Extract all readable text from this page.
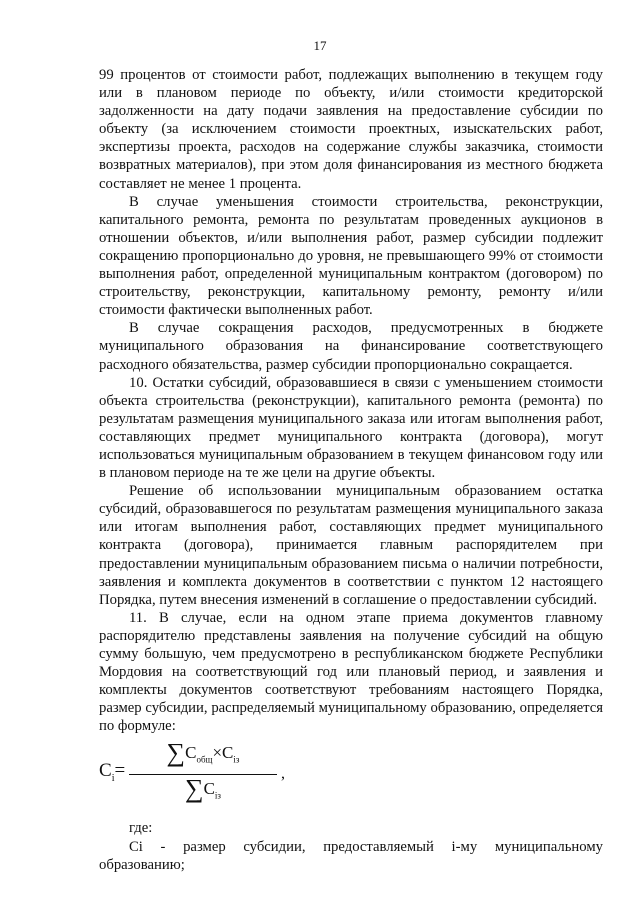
17

99 процентов от стоимости работ, подлежащих выполнению в текущем году или в плановом периоде по объекту, и/или стоимости кредиторской задолженности на дату подачи заявления на предоставление субсидии по объекту (за исключением стоимости проектных, изыскательских работ, экспертизы проекта, расходов на содержание службы заказчика, стоимости возвратных материалов), при этом доля финансирования из местного бюджета составляет не менее 1 процента.

В случае уменьшения стоимости строительства, реконструкции, капитального ремонта, ремонта по результатам проведенных аукционов в отношении объектов, и/или выполнения работ, размер субсидии подлежит сокращению пропорционально до уровня, не превышающего 99% от стоимости выполнения работ, определенной муниципальным контрактом (договором) по строительству, реконструкции, капитальному ремонту, ремонту и/или стоимости фактически выполненных работ.

В случае сокращения расходов, предусмотренных в бюджете муниципального образования на финансирование соответствующего расходного обязательства, размер субсидии пропорционально сокращается.

10. Остатки субсидий, образовавшиеся в связи с уменьшением стоимости объекта строительства (реконструкции), капитального ремонта (ремонта) по результатам размещения муниципального заказа или итогам выполнения работ, составляющих предмет муниципального контракта (договора), могут использоваться муниципальным образованием в текущем финансовом году или в плановом периоде на те же цели на другие объекты.

Решение об использовании муниципальным образованием остатка субсидий, образовавшегося по результатам размещения муниципального заказа или итогам выполнения работ, составляющих предмет муниципального контракта (договора), принимается главным распорядителем при предоставлении муниципальным образованием письма о наличии потребности, заявления и комплекта документов в соответствии с пунктом 12 настоящего Порядка, путем внесения изменений в соглашение о предоставлении субсидий.

11. В случае, если на одном этапе приема документов главному распорядителю представлены заявления на получение субсидий на общую сумму большую, чем предусмотрено в республиканском бюджете Республики Мордовия на соответствующий год или плановый период, и заявления и комплекты документов соответствуют требованиям настоящего Порядка, размер субсидии, распределяемый муниципальному образованию, определяется по формуле:

$C_i=$
$\sum C_{общ}\times C_{iз}$
$\sum C_{iз}$
,

где:

Ci - размер субсидии, предоставляемый i-му муниципальному образованию;
